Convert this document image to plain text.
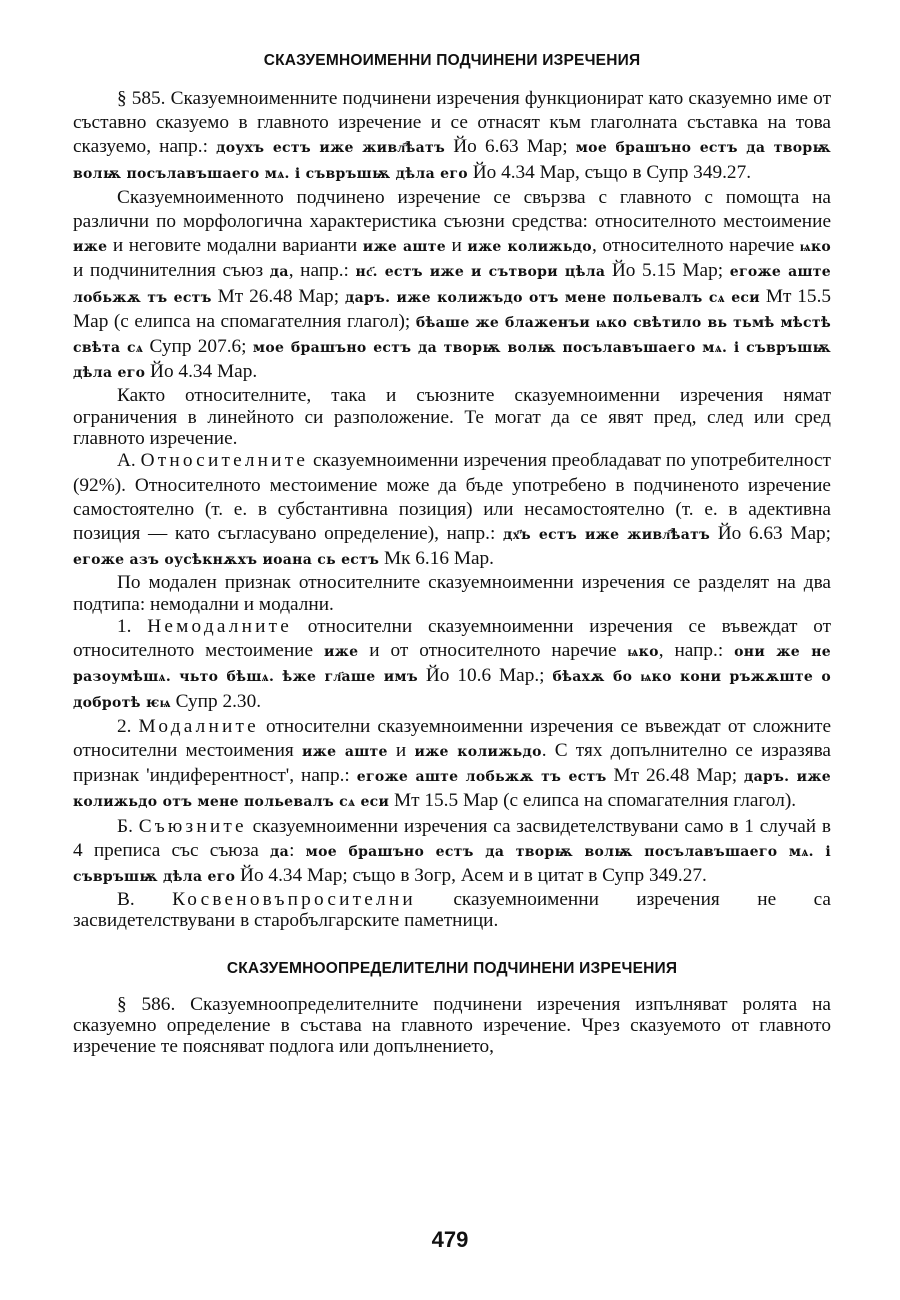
СКАЗУЕМНОИМЕННИ ПОДЧИНЕНИ ИЗРЕЧЕНИЯ

§ 585. Сказуемноименните подчинени изречения функционират като сказуемно име от съставно сказуемо в главното изречение и се отнасят към глаголната съставка на това сказуемо, напр.: доухъ естъ иже живл҄ѣатъ Йо 6.63 Мар; мое брашъно естъ да творѭ волѭ посълавъшаего мѧ. і съвръшѭ дѣла его Йо 4.34 Мар, също в Супр 349.27.

Сказуемноименното подчинено изречение се свързва с главното с помощта на различни по морфологична характеристика съюзни средства: относителното местоимение иже и неговите модални варианти иже аште и иже колижьдо, относителното наречие ѩко и подчинителния съюз да, напр.: нс҃. естъ иже и сътвори цѣла Йо 5.15 Мар; егоже аште лобьжѫ тъ естъ Мт 26.48 Мар; даръ. иже колижъдо отъ мене польевалъ сѧ еси Мт 15.5 Мар (с елипса на спомагателния глагол); бѣаше же блаженъи ѩко свѣтило вь тьмѣ мѣстѣ свѣта сѧ Супр 207.6; мое брашъно естъ да творѭ волѭ посълавъшаего мѧ. і съвръшѭ дѣла его Йо 4.34 Мар.

Както относителните, така и съюзните сказуемноименни изречения нямат ограничения в линейното си разположение. Те могат да се явят пред, след или сред главното изречение.

А. Относителните сказуемноименни изречения преобладават по употребителност (92%). Относителното местоимение може да бъде употребено в подчиненото изречение самостоятелно (т. е. в субстантивна позиция) или несамостоятелно (т. е. в адективна позиция — като съгласувано определение), напр.: дх҃ъ естъ иже живл҄ѣатъ Йо 6.63 Мар; егоже азъ оусѣкнѫхъ иоана сь естъ Мк 6.16 Мар.

По модален признак относителните сказуемноименни изречения се разделят на два подтипа: немодални и модални.

1. Немодалните относителни сказуемноименни изречения се въвеждат от относителното местоимение иже и от относителното наречие ѩко, напр.: они же не разоумѣшѧ. чьто бѣшѧ. ѣже гл҃аше имъ Йо 10.6 Мар.; бѣахѫ бо ѩко кони ръжѫште о добротѣ ѥѩ Супр 2.30.

2. Модалните относителни сказуемноименни изречения се въвеждат от сложните относителни местоимения иже аште и иже колижьдо. С тях допълнително се изразява признак 'индиферентност', напр.: егоже аште лобьжѫ тъ естъ Мт 26.48 Мар; даръ. иже колижьдо отъ мене польевалъ сѧ еси Мт 15.5 Мар (с елипса на спомагателния глагол).

Б. Съюзните сказуемноименни изречения са засвидетелствувани само в 1 случай в 4 преписа със съюза да: мое брашъно естъ да творѭ волѭ посълавъшаего мѧ. і съвръшѭ дѣла его Йо 4.34 Мар; също в Зогр, Асем и в цитат в Супр 349.27.

В. Косвеновъпросителни сказуемноименни изречения не са засвидетелствувани в старобългарските паметници.

СКАЗУЕМНООПРЕДЕЛИТЕЛНИ ПОДЧИНЕНИ ИЗРЕЧЕНИЯ

§ 586. Сказуемноопределителните подчинени изречения изпълняват ролята на сказуемно определение в състава на главното изречение. Чрез сказуемото от главното изречение те поясняват подлога или допълнението,

479
